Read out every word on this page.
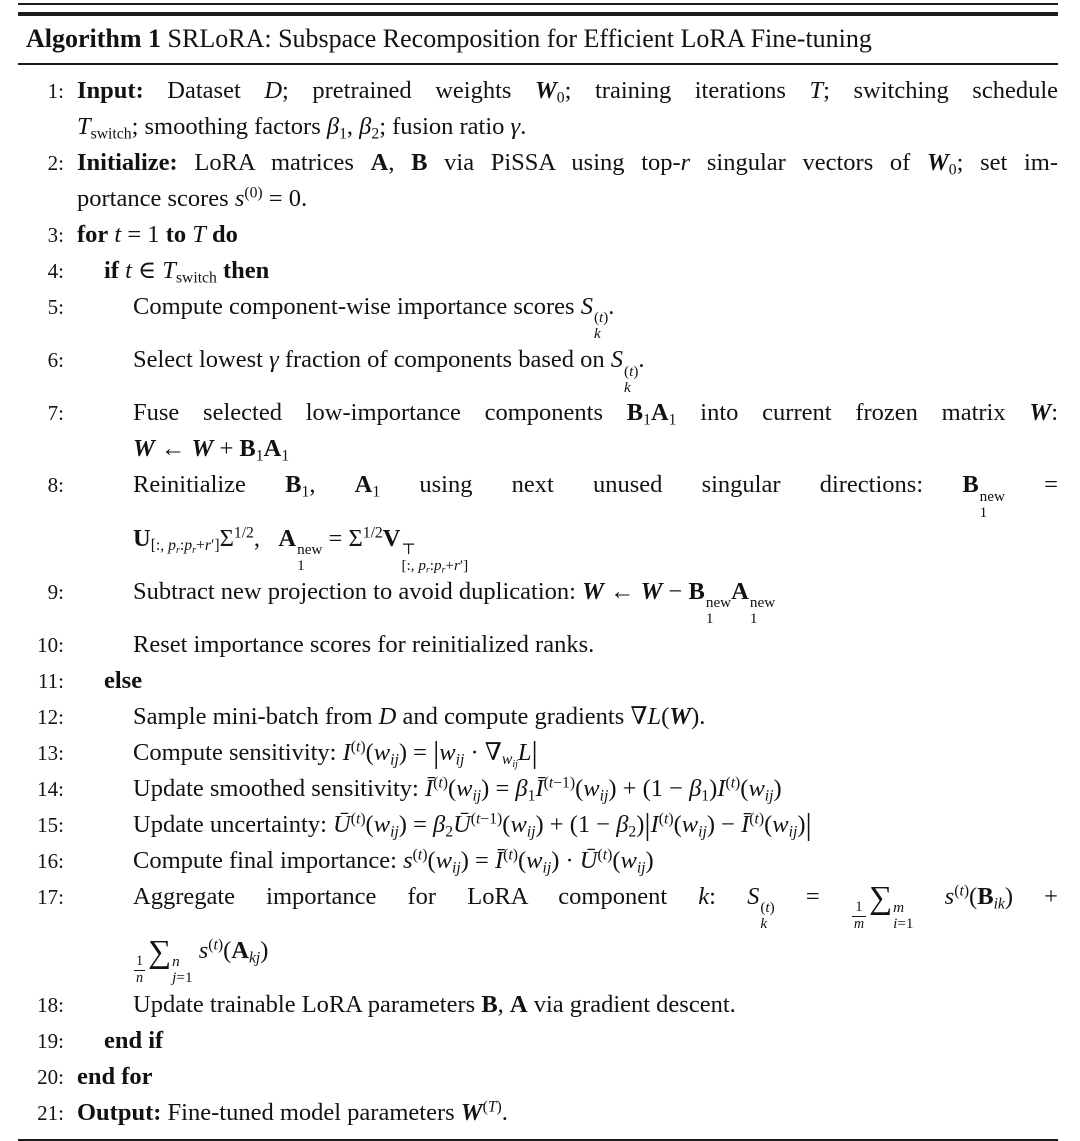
Algorithm 1 SRLoRA: Subspace Recomposition for Efficient LoRA Fine-tuning
1: Input: Dataset D; pretrained weights $W_0$; training iterations T; switching schedule
$T_{switch}$; smoothing factors $\beta_1$, $\beta_2$; fusion ratio γ.
2: Initialize: LoRA matrices A, B via PiSSA using top-r singular vectors of $W_0$; set im-
portance scores $s^{(0)} = 0$.
3: for t = 1 to T do
4: if t ∈ $T_{switch}$ then
5:	Compute component-wise importance scores S (t)
k
.
6:	Select lowest γ fraction of components based on S (t)
k
.
7:	Fuse selected low-importance components $B_1A_1$ into current frozen matrix W:
W ← $W + B_1A_1$
8:	Reinitialize $B_1$, $A_1$ using next unused singular directions: B new
1
=
$U_{[:, p_r:p_r+r']}\Sigma^{1/2}$,   A new
1
= $\Sigma^{1/2}V$ ⊤
[:, $p_r:p_r+r'$]
9:	Subtract new projection to avoid duplication: W ← W − B new
1
A new
1
10:	Reset importance scores for reinitialized ranks.
11: else
12:	Sample mini-batch from D and compute gradients ∇L(W).
13:	Compute sensitivity: $I^{(t)}(w_{ij}) = |w_{ij} \cdot \nabla_{w_{ij}}L|$
14:	Update smoothed sensitivity: $Ī^{(t)}(w_{ij})$ = $\beta_1Ī^{(t-1)}(w_{ij}) + (1 - \beta_1)I^{(t)}(w_{ij})$
15:	Update uncertainty: $Ū^{(t)}(w_{ij})$ = $\beta_2Ū^{(t-1)}(w_{ij}) + (1 - \beta_2)|I^{(t)}(w_{ij})$ − $Ī^{(t)}(w_{ij})|$
16:	Compute final importance: $s^{(t)}(w_{ij})$ = $Ī^{(t)}(w_{ij})$ · $Ū^{(t)}(w_{ij})$
17:	Aggregate importance for LoRA component k: S (t)
k
=
$\frac{1}{m}$
∑ m
i=1
$s^{(t)}(B_{ik})$ +
$\frac{1}{n}$
∑ n
j=1
$s^{(t)}(A_{kj})$
18:	Update trainable LoRA parameters B, A via gradient descent.
19: end if
20: end for
21: Output: Fine-tuned model parameters $W^{(T)}$.
